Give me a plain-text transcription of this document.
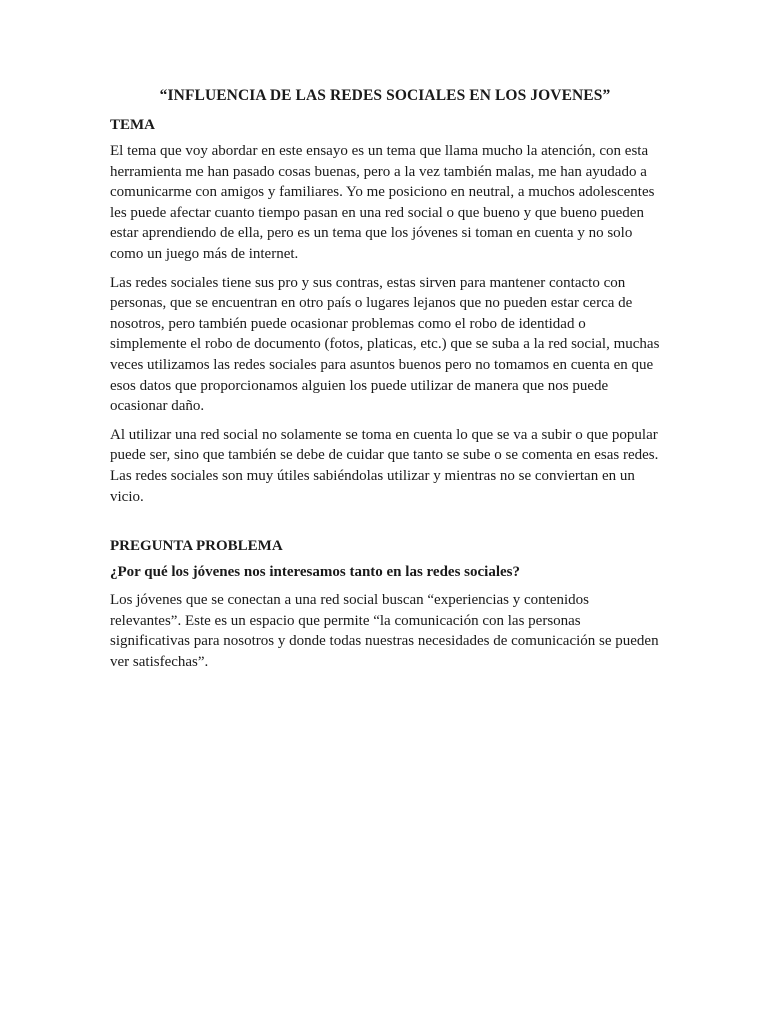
“INFLUENCIA DE LAS REDES SOCIALES EN LOS JOVENES”
TEMA

El tema que voy abordar en este ensayo es un tema que llama mucho la atención, con esta herramienta me han pasado cosas buenas, pero a la vez también malas, me han ayudado a comunicarme con amigos y familiares. Yo me posiciono en neutral, a muchos adolescentes les puede afectar cuanto tiempo pasan en una red social o que bueno y que bueno pueden estar aprendiendo de ella, pero es un tema que los jóvenes si toman en cuenta y no solo como un juego más de internet.

Las redes sociales tiene sus pro y sus contras, estas sirven para mantener contacto con personas, que se encuentran en otro país o lugares lejanos que no pueden estar cerca de nosotros, pero también puede ocasionar problemas como el robo de identidad o simplemente el robo de documento (fotos, platicas, etc.) que se suba a la red social, muchas veces utilizamos las redes sociales para asuntos buenos pero no tomamos en cuenta en que esos datos que proporcionamos alguien los puede utilizar de manera que nos puede ocasionar daño.

Al utilizar una red social no solamente se toma en cuenta lo que se va a subir o que popular puede ser, sino que también se debe de cuidar que tanto se sube o se comenta en esas redes. Las redes sociales son muy útiles sabiéndolas utilizar y mientras no se conviertan en un vicio.

PREGUNTA PROBLEMA
¿Por qué los jóvenes nos interesamos tanto en las redes sociales?

Los jóvenes que se conectan a una red social buscan “experiencias y contenidos relevantes”. Este es un espacio que permite “la comunicación con las personas significativas para nosotros y donde todas nuestras necesidades de comunicación se pueden ver satisfechas”.
